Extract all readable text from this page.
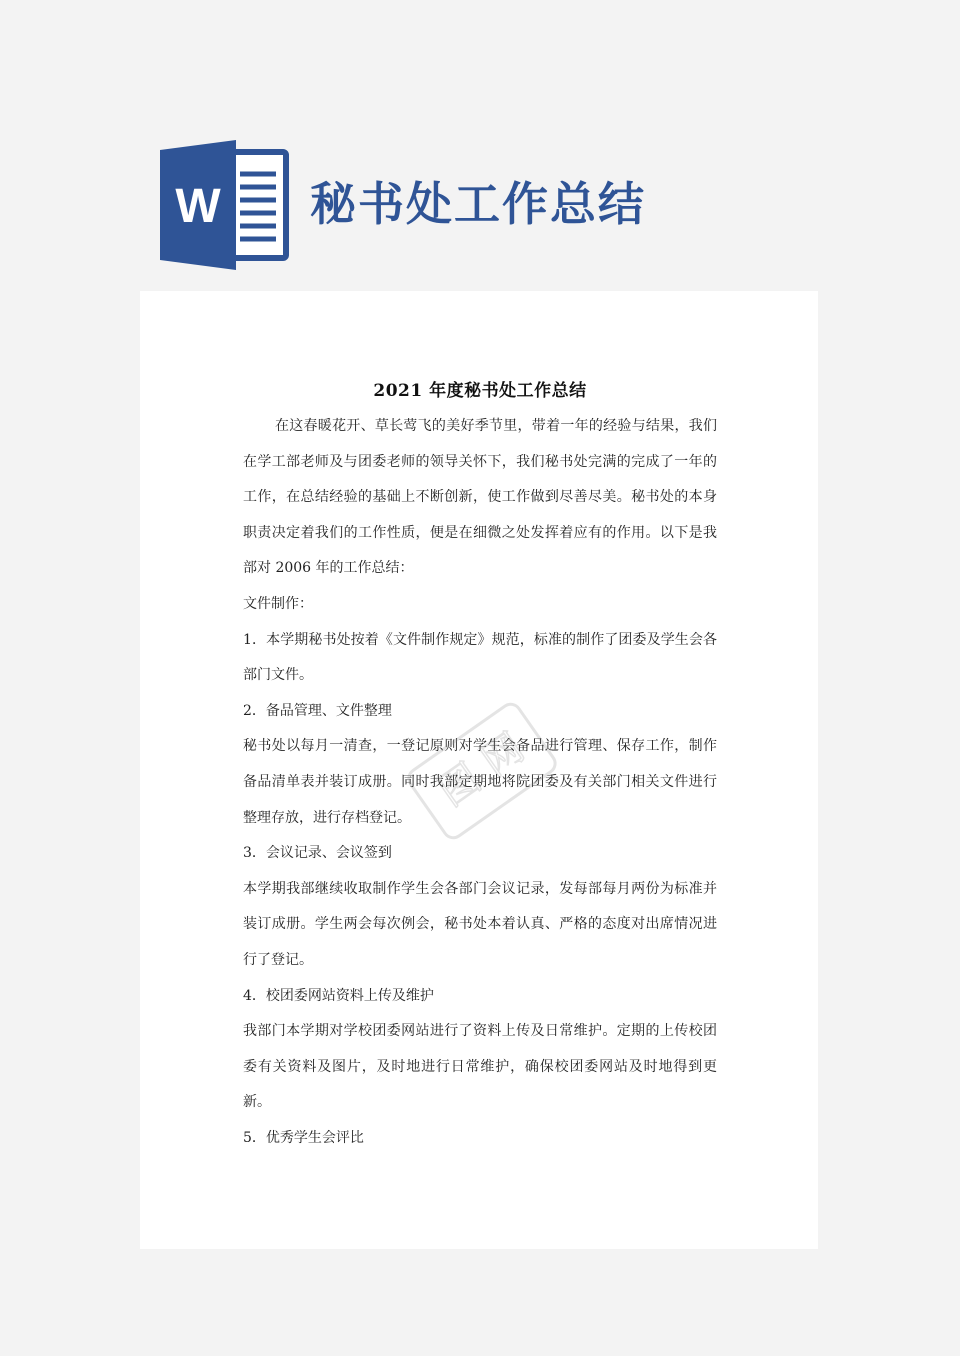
W 秘书处工作总结
2021 年度秘书处工作总结

在这春暖花开、草长莺飞的美好季节里，带着一年的经验与结果，我们在学工部老师及与团委老师的领导关怀下，我们秘书处完满的完成了一年的工作，在总结经验的基础上不断创新，使工作做到尽善尽美。秘书处的本身职责决定着我们的工作性质，便是在细微之处发挥着应有的作用。以下是我部对 2006 年的工作总结：

文件制作：

1．本学期秘书处按着《文件制作规定》规范，标准的制作了团委及学生会各部门文件。

2．备品管理、文件整理

秘书处以每月一清查，一登记原则对学生会备品进行管理、保存工作，制作备品清单表并装订成册。同时我部定期地将院团委及有关部门相关文件进行整理存放，进行存档登记。

3．会议记录、会议签到

本学期我部继续收取制作学生会各部门会议记录，发每部每月两份为标准并装订成册。学生两会每次例会，秘书处本着认真、严格的态度对出席情况进行了登记。

4．校团委网站资料上传及维护

我部门本学期对学校团委网站进行了资料上传及日常维护。定期的上传校团委有关资料及图片，及时地进行日常维护，确保校团委网站及时地得到更新。

5．优秀学生会评比

图 网
